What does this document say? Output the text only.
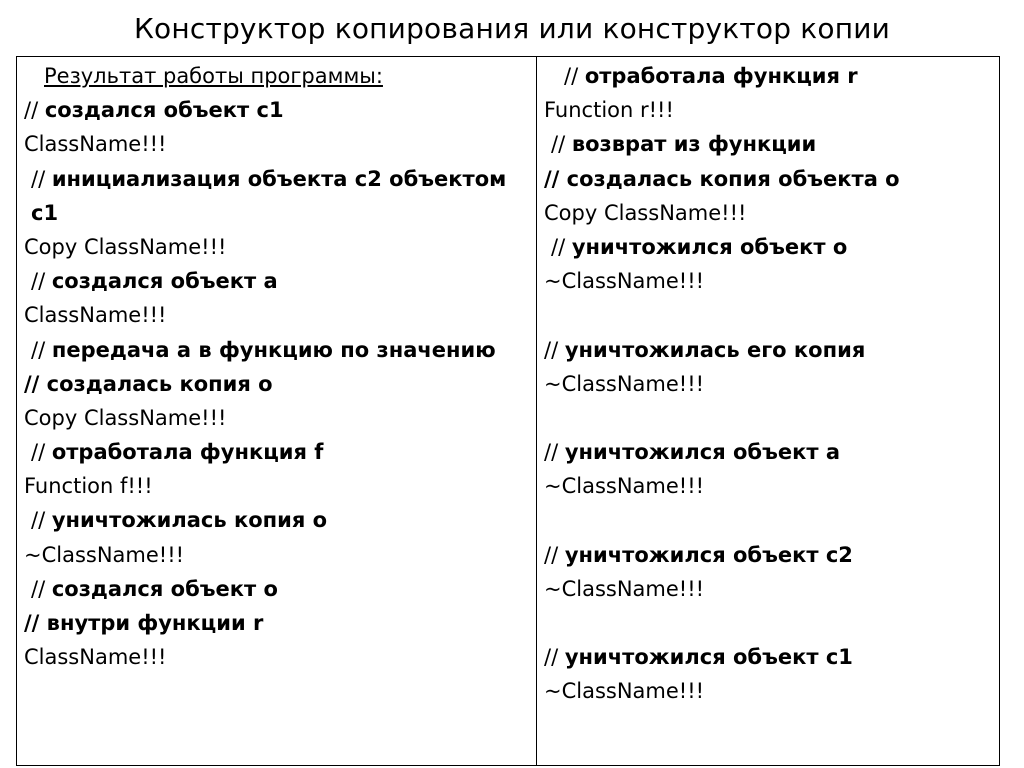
Конструктор копирования или конструктор копии
Результат работы программы:
// создался объект c1
ClassName!!!
// инициализация объекта c2 объектом c1
Copy ClassName!!!
// создался объект a
ClassName!!!
// передача a в функцию по значению
// создалась копия o
Copy ClassName!!!
// отработала функция f
Function f!!!
// уничтожилась копия o
~ClassName!!!
// создался объект o
// внутри функции r
ClassName!!!
// отработала функция r
Function r!!!
// возврат из функции
// создалась копия объекта o
Copy ClassName!!!
// уничтожился объект o
~ClassName!!!
// уничтожилась его копия
~ClassName!!!
// уничтожился объект a
~ClassName!!!
// уничтожился объект c2
~ClassName!!!
// уничтожился объект c1
~ClassName!!!
